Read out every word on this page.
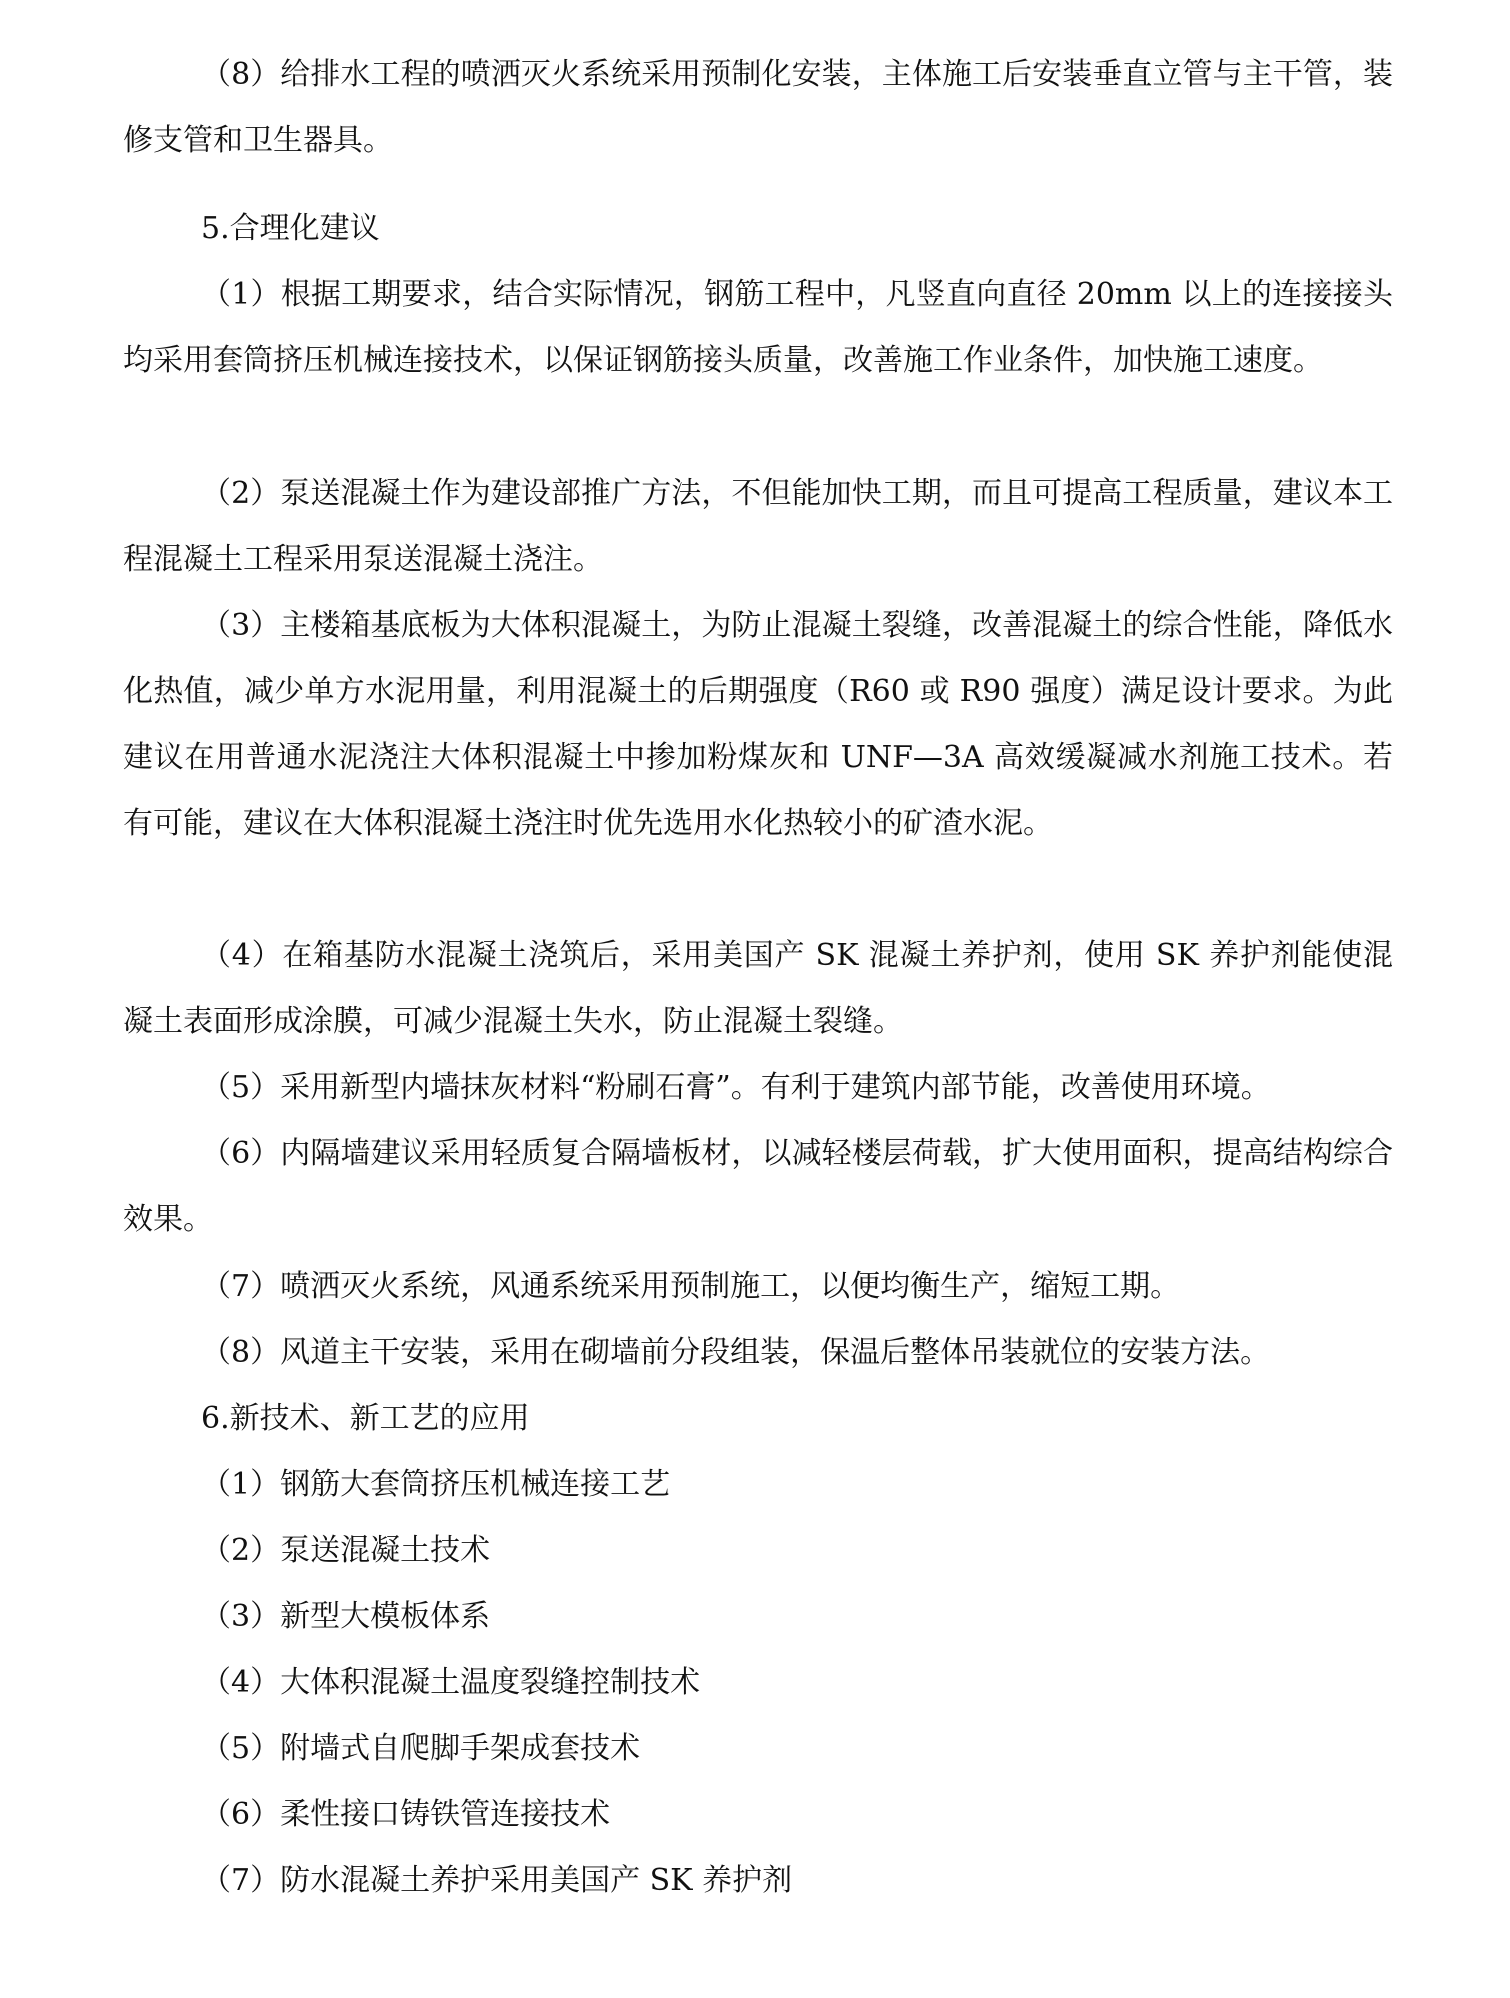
（8）给排水工程的喷洒灭火系统采用预制化安装，主体施工后安装垂直立管与主干管，装修支管和卫生器具。

5.合理化建议

（1）根据工期要求，结合实际情况，钢筋工程中，凡竖直向直径 20mm 以上的连接接头均采用套筒挤压机械连接技术，以保证钢筋接头质量，改善施工作业条件，加快施工速度。

（2）泵送混凝土作为建设部推广方法，不但能加快工期，而且可提高工程质量，建议本工程混凝土工程采用泵送混凝土浇注。

（3）主楼箱基底板为大体积混凝土，为防止混凝土裂缝，改善混凝土的综合性能，降低水化热值，减少单方水泥用量，利用混凝土的后期强度（R60 或 R90 强度）满足设计要求。为此建议在用普通水泥浇注大体积混凝土中掺加粉煤灰和 UNF—3A 高效缓凝减水剂施工技术。若有可能，建议在大体积混凝土浇注时优先选用水化热较小的矿渣水泥。

（4）在箱基防水混凝土浇筑后，采用美国产 SK 混凝土养护剂，使用 SK 养护剂能使混凝土表面形成涂膜，可减少混凝土失水，防止混凝土裂缝。

（5）采用新型内墙抹灰材料“粉刷石膏”。有利于建筑内部节能，改善使用环境。

（6）内隔墙建议采用轻质复合隔墙板材，以减轻楼层荷载，扩大使用面积，提高结构综合效果。

（7）喷洒灭火系统，风通系统采用预制施工，以便均衡生产，缩短工期。

（8）风道主干安装，采用在砌墙前分段组装，保温后整体吊装就位的安装方法。

6.新技术、新工艺的应用

（1）钢筋大套筒挤压机械连接工艺

（2）泵送混凝土技术

（3）新型大模板体系

（4）大体积混凝土温度裂缝控制技术

（5）附墙式自爬脚手架成套技术

（6）柔性接口铸铁管连接技术

（7）防水混凝土养护采用美国产 SK 养护剂
